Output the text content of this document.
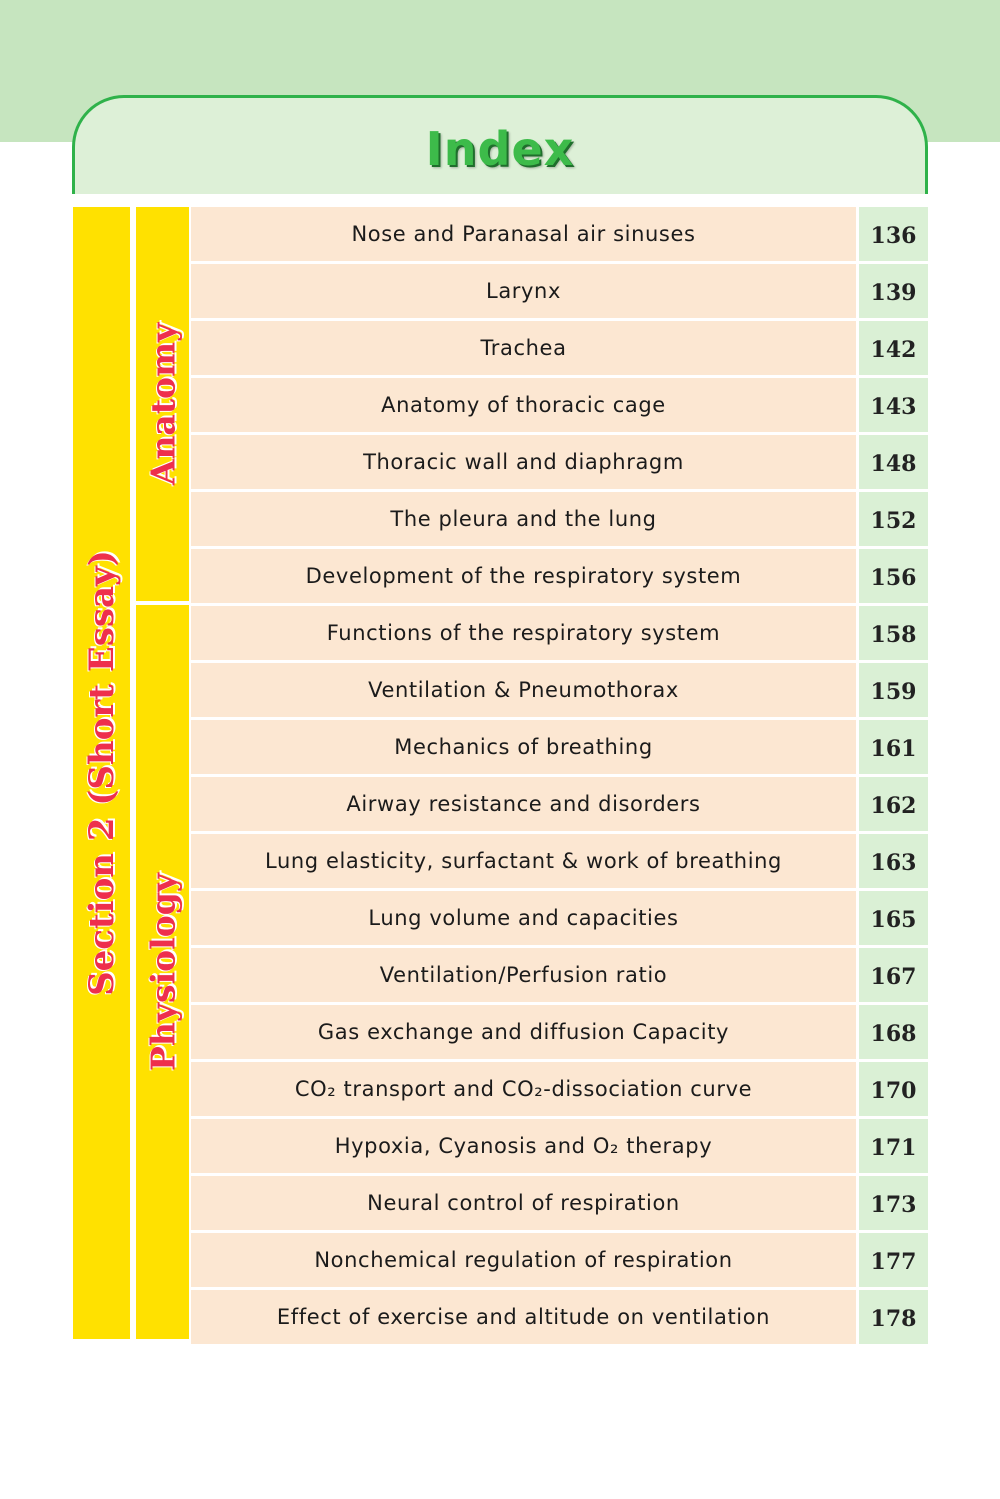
Index
Section 2 (Short Essay)
Anatomy
Physiology
Nose and Paranasal air sinuses	136
Larynx	139
Trachea	142
Anatomy of thoracic cage	143
Thoracic wall and diaphragm	148
The pleura and the lung	152
Development of the respiratory system	156
Functions of the respiratory system	158
Ventilation & Pneumothorax	159
Mechanics of breathing	161
Airway resistance and disorders	162
Lung elasticity, surfactant & work of breathing	163
Lung volume and capacities	165
Ventilation/Perfusion ratio	167
Gas exchange and diffusion Capacity	168
CO₂ transport and CO₂-dissociation curve	170
Hypoxia, Cyanosis and O₂ therapy	171
Neural control of respiration	173
Nonchemical regulation of respiration	177
Effect of exercise and altitude on ventilation	178
